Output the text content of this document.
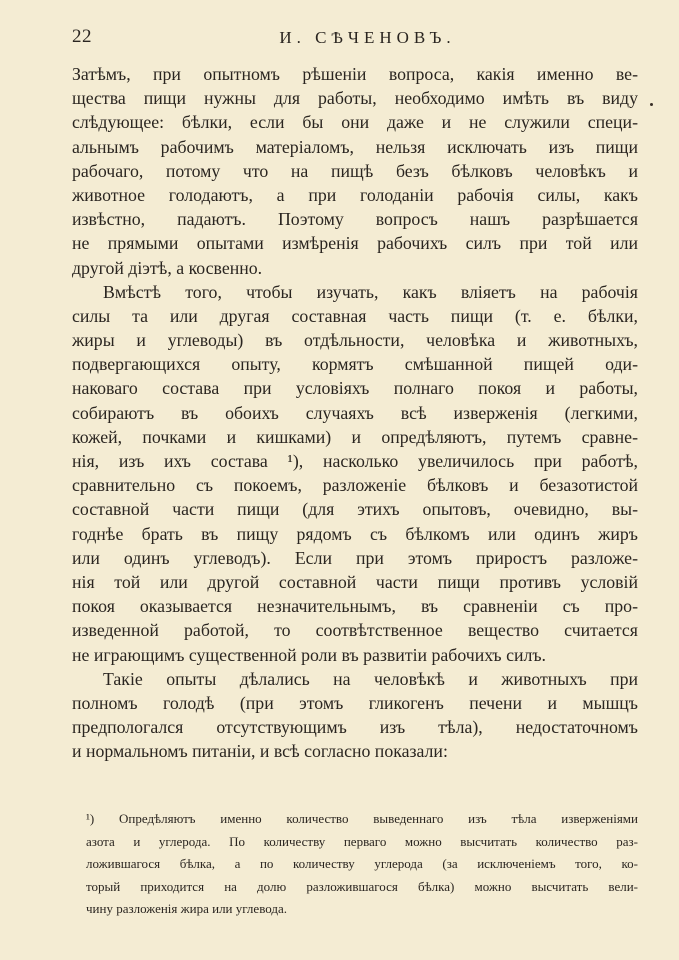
22	И. СѢЧЕНОВЪ.
Затѣмъ, при опытномъ рѣшеніи вопроса, какія именно ве-
щества пищи нужны для работы, необходимо имѣть въ виду
слѣдующее: бѣлки, если бы они даже и не служили специ-
альнымъ рабочимъ матеріаломъ, нельзя исключать изъ пищи
рабочаго, потому что на пищѣ безъ бѣлковъ человѣкъ и
животное голодаютъ, а при голоданіи рабочія силы, какъ
извѣстно, падаютъ. Поэтому вопросъ нашъ разрѣшается
не прямыми опытами измѣренія рабочихъ силъ при той или
другой діэтѣ, а косвенно.
Вмѣстѣ того, чтобы изучать, какъ вліяетъ на рабочія
силы та или другая составная часть пищи (т. е. бѣлки,
жиры и углеводы) въ отдѣльности, человѣка и животныхъ,
подвергающихся опыту, кормятъ смѣшанной пищей оди-
наковаго состава при условіяхъ полнаго покоя и работы,
собираютъ въ обоихъ случаяхъ всѣ изверженія (легкими,
кожей, почками и кишками) и опредѣляютъ, путемъ сравне-
нія, изъ ихъ состава ¹), насколько увеличилось при работѣ,
сравнительно съ покоемъ, разложеніе бѣлковъ и безазотистой
составной части пищи (для этихъ опытовъ, очевидно, вы-
годнѣе брать въ пищу рядомъ съ бѣлкомъ или одинъ жиръ
или одинъ углеводъ). Если при этомъ приростъ разложе-
нія той или другой составной части пищи противъ условій
покоя оказывается незначительнымъ, въ сравненіи съ про-
изведенной работой, то соотвѣтственное вещество считается
не играющимъ существенной роли въ развитіи рабочихъ силъ.
Такіе опыты дѣлались на человѣкѣ и животныхъ при
полномъ голодѣ (при этомъ гликогенъ печени и мышцъ
предпологался отсутствующимъ изъ тѣла), недостаточномъ
и нормальномъ питаніи, и всѣ согласно показали:
¹) Опредѣляютъ именно количество выведеннаго изъ тѣла изверженіями
азота и углерода. По количеству перваго можно высчитать количество раз-
ложившагося бѣлка, а по количеству углерода (за исключеніемъ того, ко-
торый приходится на долю разложившагося бѣлка) можно высчитать вели-
чину разложенія жира или углевода.
